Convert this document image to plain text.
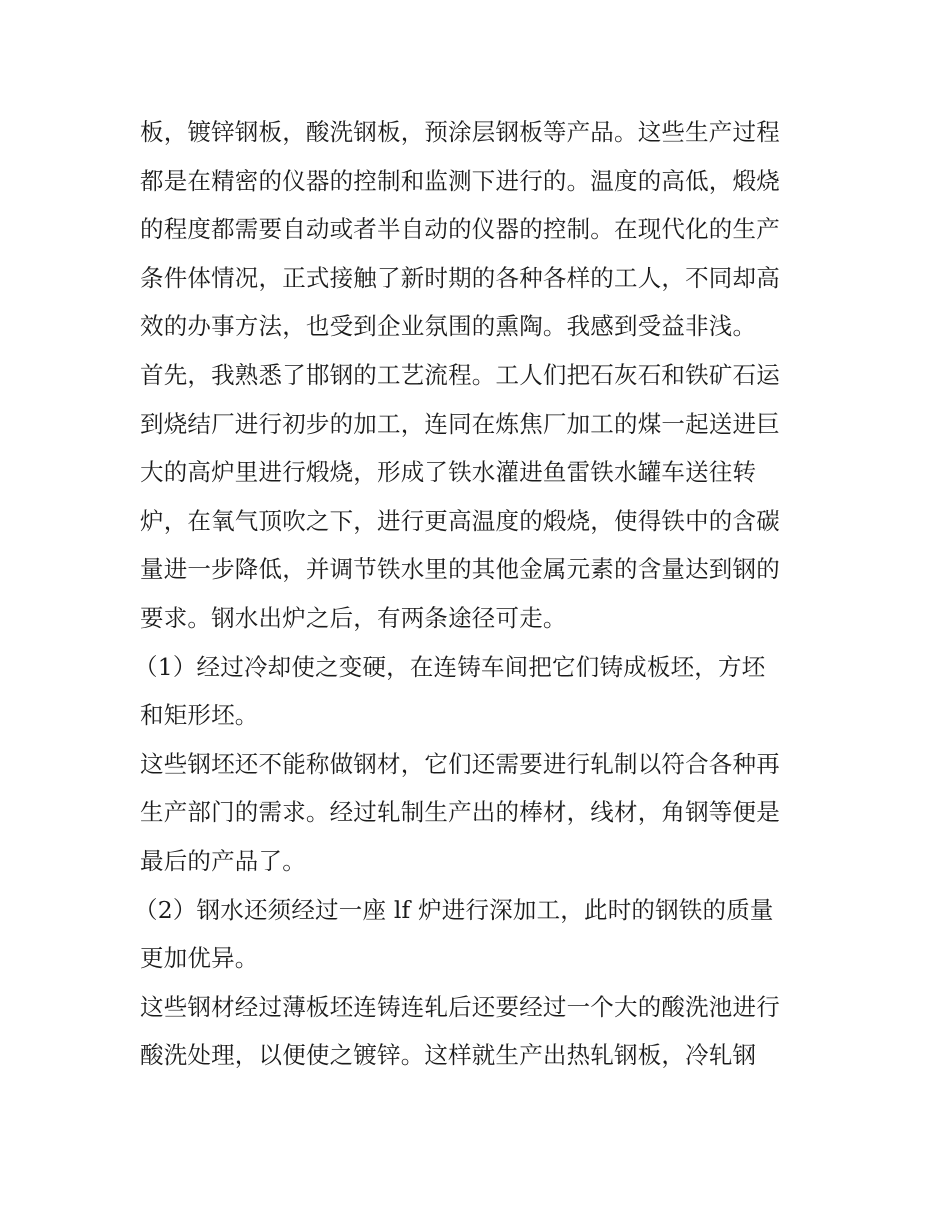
板，镀锌钢板，酸洗钢板，预涂层钢板等产品。这些生产过程
都是在精密的仪器的控制和监测下进行的。温度的高低，煅烧
的程度都需要自动或者半自动的仪器的控制。在现代化的生产
条件体情况，正式接触了新时期的各种各样的工人，不同却高
效的办事方法，也受到企业氛围的熏陶。我感到受益非浅。
首先，我熟悉了邯钢的工艺流程。工人们把石灰石和铁矿石运
到烧结厂进行初步的加工，连同在炼焦厂加工的煤一起送进巨
大的高炉里进行煅烧，形成了铁水灌进鱼雷铁水罐车送往转
炉，在氧气顶吹之下，进行更高温度的煅烧，使得铁中的含碳
量进一步降低，并调节铁水里的其他金属元素的含量达到钢的
要求。钢水出炉之后，有两条途径可走。
（1）经过冷却使之变硬，在连铸车间把它们铸成板坯，方坯
和矩形坯。
这些钢坯还不能称做钢材，它们还需要进行轧制以符合各种再
生产部门的需求。经过轧制生产出的棒材，线材，角钢等便是
最后的产品了。
（2）钢水还须经过一座 lf 炉进行深加工，此时的钢铁的质量
更加优异。
这些钢材经过薄板坯连铸连轧后还要经过一个大的酸洗池进行
酸洗处理，以便使之镀锌。这样就生产出热轧钢板，冷轧钢
